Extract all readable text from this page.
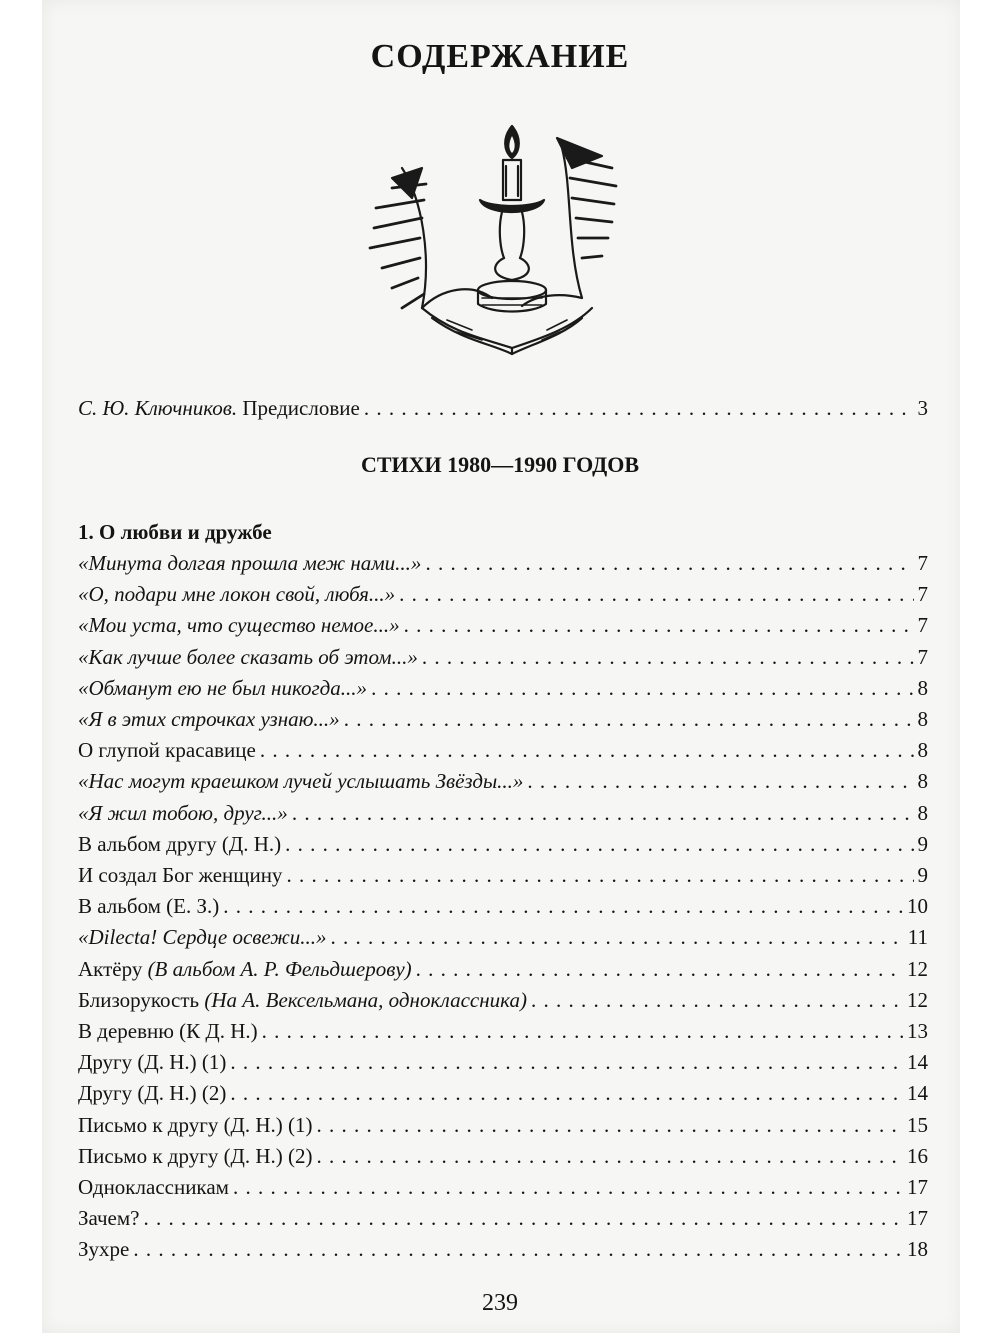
СОДЕРЖАНИЕ
С. Ю. Ключников. Предисловие . . .	3
СТИХИ 1980—1990 ГОДОВ
1. О любви и дружбе
«Минута долгая прошла меж нами...» . . .	7
«О, подари мне локон свой, любя...» . . .	7
«Мои уста, что существо немое...» . . .	7
«Как лучше более сказать об этом...» . . .	7
«Обманут ею не был никогда...» . . .	8
«Я в этих строчках узнаю...» . . .	8
О глупой красавице . . .	8
«Нас могут краешком лучей услышать Звёзды...» . . .	8
«Я жил тобою, друг...» . . .	8
В альбом другу (Д. Н.) . . .	9
И создал Бог женщину . . .	9
В альбом (Е. З.) . . .	10
«Dilecta! Сердце освежи...» . . .	11
Актёру (В альбом А. Р. Фельдшерову) . . .	12
Близорукость (На А. Вексельмана, одноклассника) . . .	12
В деревню (К Д. Н.) . . .	13
Другу (Д. Н.) (1) . . .	14
Другу (Д. Н.) (2) . . .	14
Письмо к другу (Д. Н.) (1) . . .	15
Письмо к другу (Д. Н.) (2) . . .	16
Одноклассникам . . .	17
Зачем? . . .	17
Зухре . . .	18
239
